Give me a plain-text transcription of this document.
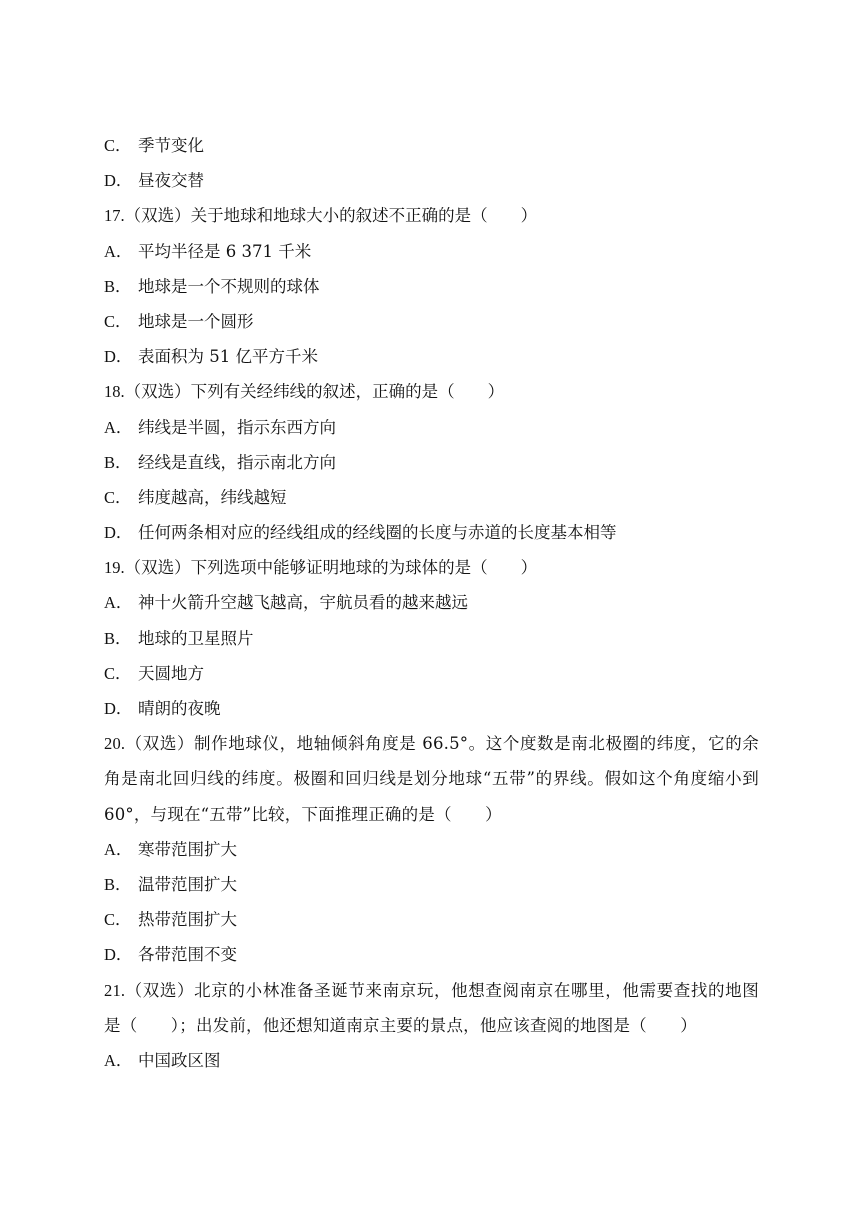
C． 季节变化
D． 昼夜交替
17.（双选）关于地球和地球大小的叙述不正确的是（　　）
A． 平均半径是 6 371 千米
B． 地球是一个不规则的球体
C． 地球是一个圆形
D． 表面积为 51 亿平方千米
18.（双选）下列有关经纬线的叙述，正确的是（　　）
A． 纬线是半圆，指示东西方向
B． 经线是直线，指示南北方向
C． 纬度越高，纬线越短
D． 任何两条相对应的经线组成的经线圈的长度与赤道的长度基本相等
19.（双选）下列选项中能够证明地球的为球体的是（　　）
A． 神十火箭升空越飞越高，宇航员看的越来越远
B． 地球的卫星照片
C． 天圆地方
D． 晴朗的夜晚
20.（双选）制作地球仪，地轴倾斜角度是 66.5°。这个度数是南北极圈的纬度，它的余角是南北回归线的纬度。极圈和回归线是划分地球“五带”的界线。假如这个角度缩小到 60°，与现在“五带”比较，下面推理正确的是（　　）
A． 寒带范围扩大
B． 温带范围扩大
C． 热带范围扩大
D． 各带范围不变
21.（双选）北京的小林准备圣诞节来南京玩，他想查阅南京在哪里，他需要查找的地图是（　　）；出发前，他还想知道南京主要的景点，他应该查阅的地图是（　　）
A． 中国政区图
